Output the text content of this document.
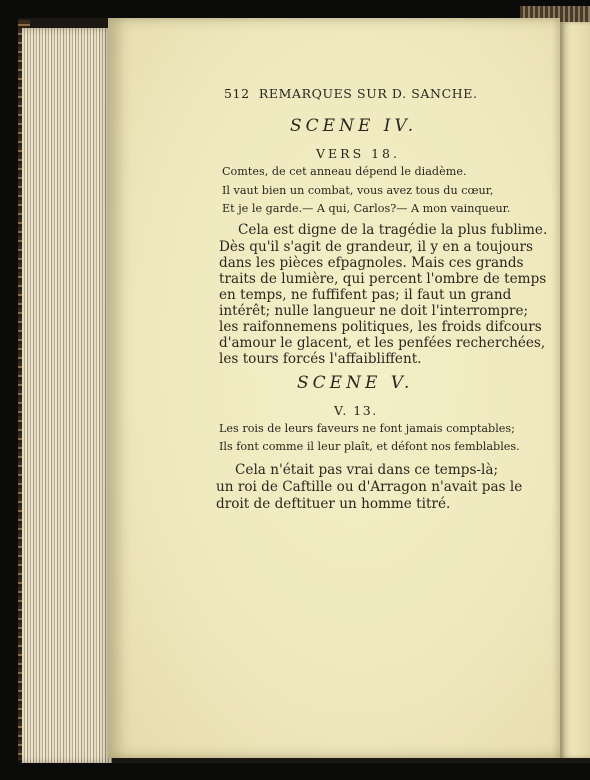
512 REMARQUES SUR D. SANCHE.
SCENE IV.
VERS 18.
Comtes, de cet anneau dépend le diadème.
Il vaut bien un combat, vous avez tous du cœur,
Et je le garde.— A qui, Carlos?— A mon vainqueur.
Cela est digne de la tragédie la plus fublime.
Dès qu'il s'agit de grandeur, il y en a toujours
dans les pièces efpagnoles. Mais ces grands
traits de lumière, qui percent l'ombre de temps
en temps, ne fuffifent pas; il faut un grand
intérêt; nulle langueur ne doit l'interrompre;
les raifonnemens politiques, les froids difcours
d'amour le glacent, et les penfées recherchées,
les tours forcés l'affaibliffent.
SCENE V.
V. 13.
Les rois de leurs faveurs ne font jamais comptables;
Ils font comme il leur plaît, et défont nos femblables.
Cela n'était pas vrai dans ce temps-là;
un roi de Caftille ou d'Arragon n'avait pas le
droit de deftituer un homme titré.
